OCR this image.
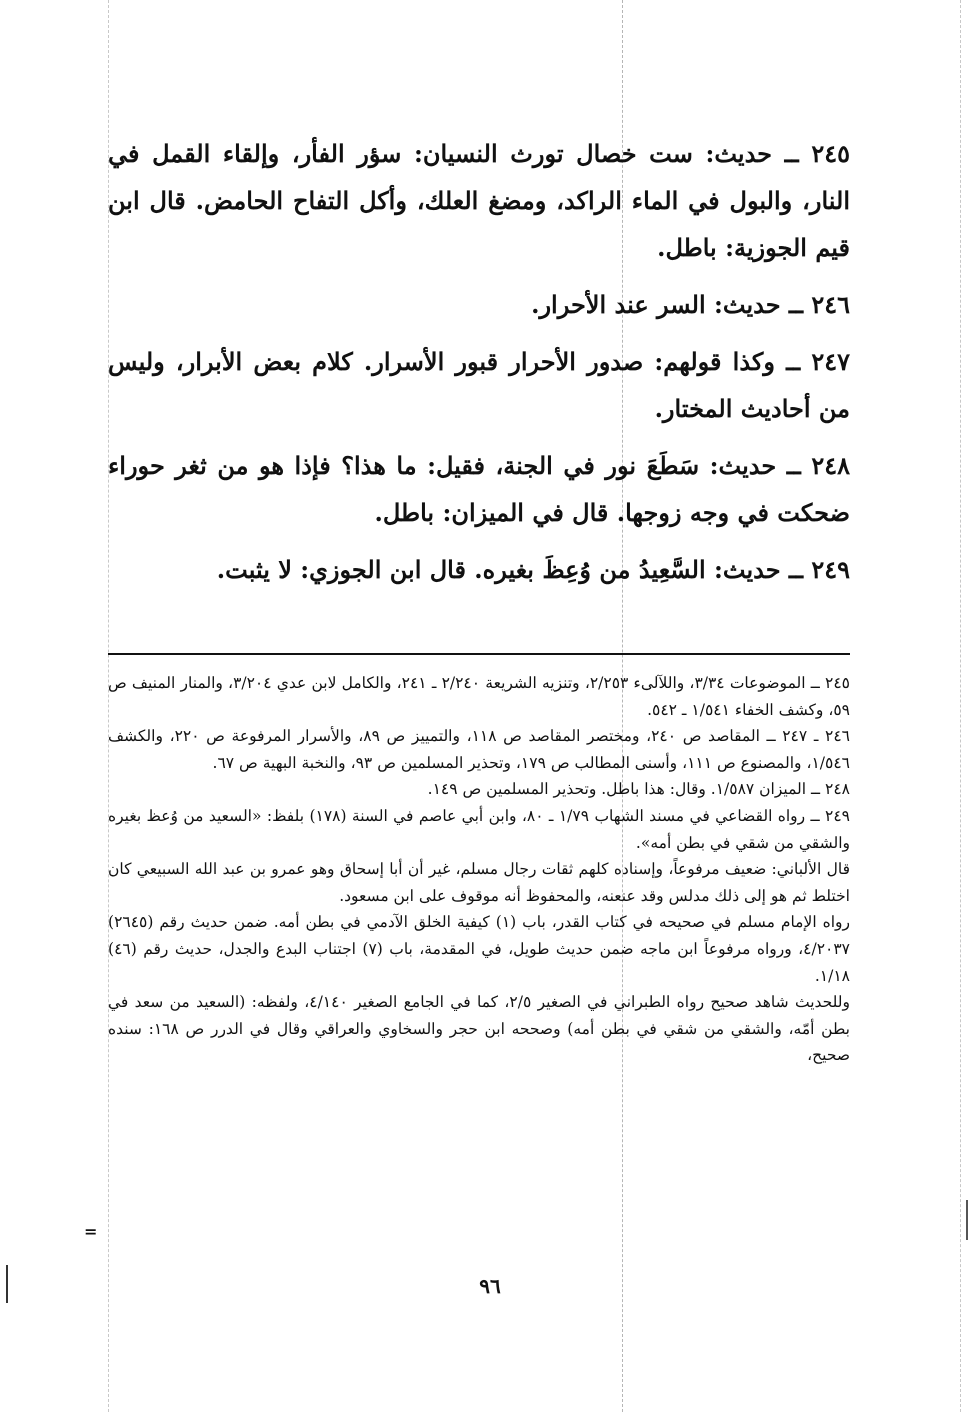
٢٤٥ ــ حديث: ست خصال تورث النسيان: سؤر الفأر، وإلقاء القمل في النار، والبول في الماء الراكد، ومضغ العلك، وأكل التفاح الحامض. قال ابن قيم الجوزية: باطل.

٢٤٦ ــ حديث: السر عند الأحرار.

٢٤٧ ــ وكذا قولهم: صدور الأحرار قبور الأسرار. كلام بعض الأبرار، وليس من أحاديث المختار.

٢٤٨ ــ حديث: سَطَعَ نور في الجنة، فقيل: ما هذا؟ فإذا هو من ثغر حوراء ضحكت في وجه زوجها. قال في الميزان: باطل.

٢٤٩ ــ حديث: السَّعِيدُ من وُعِظَ بغيره. قال ابن الجوزي: لا يثبت.

٢٤٥ ــ الموضوعات ٣/٣٤، واللآلىء ٢/٢٥٣، وتنزيه الشريعة ٢/٢٤٠ ـ ٢٤١، والكامل لابن عدي ٣/٢٠٤، والمنار المنيف ص ٥٩، وكشف الخفاء ١/٥٤١ ـ ٥٤٢.

٢٤٦ ـ ٢٤٧ ــ المقاصد ص ٢٤٠، ومختصر المقاصد ص ١١٨، والتمييز ص ٨٩، والأسرار المرفوعة ص ٢٢٠، والكشف ١/٥٤٦، والمصنوع ص ١١١، وأسنى المطالب ص ١٧٩، وتحذير المسلمين ص ٩٣، والنخبة البهية ص ٦٧.

٢٤٨ ــ الميزان ١/٥٨٧. وقال: هذا باطل. وتحذير المسلمين ص ١٤٩.

٢٤٩ ــ رواه القضاعي في مسند الشهاب ١/٧٩ ـ ٨٠، وابن أبي عاصم في السنة (١٧٨) بلفظ: «السعيد من وُعظ بغيره والشقي من شقي في بطن أمه».

قال الألباني: ضعيف مرفوعاً، وإسناده كلهم ثقات رجال مسلم، غير أن أبا إسحاق وهو عمرو بن عبد الله السبيعي كان اختلط ثم هو إلى ذلك مدلس وقد عنعنه، والمحفوظ أنه موقوف على ابن مسعود.

رواه الإمام مسلم في صحيحه في كتاب القدر، باب (١) كيفية الخلق الآدمي في بطن أمه. ضمن حديث رقم (٢٦٤٥) ٤/٢٠٣٧، ورواه مرفوعاً ابن ماجه ضمن حديث طويل، في المقدمة، باب (٧) اجتناب البدع والجدل، حديث رقم (٤٦) ١/١٨.

وللحديث شاهد صحيح رواه الطبراني في الصغير ٢/٥، كما في الجامع الصغير ٤/١٤٠، ولفظه: (السعيد من سعد في بطن أمّه، والشقي من شقي في بطن أمه) وصححه ابن حجر والسخاوي والعراقي وقال في الدرر ص ١٦٨: سنده صحيح،

=
٩٦
